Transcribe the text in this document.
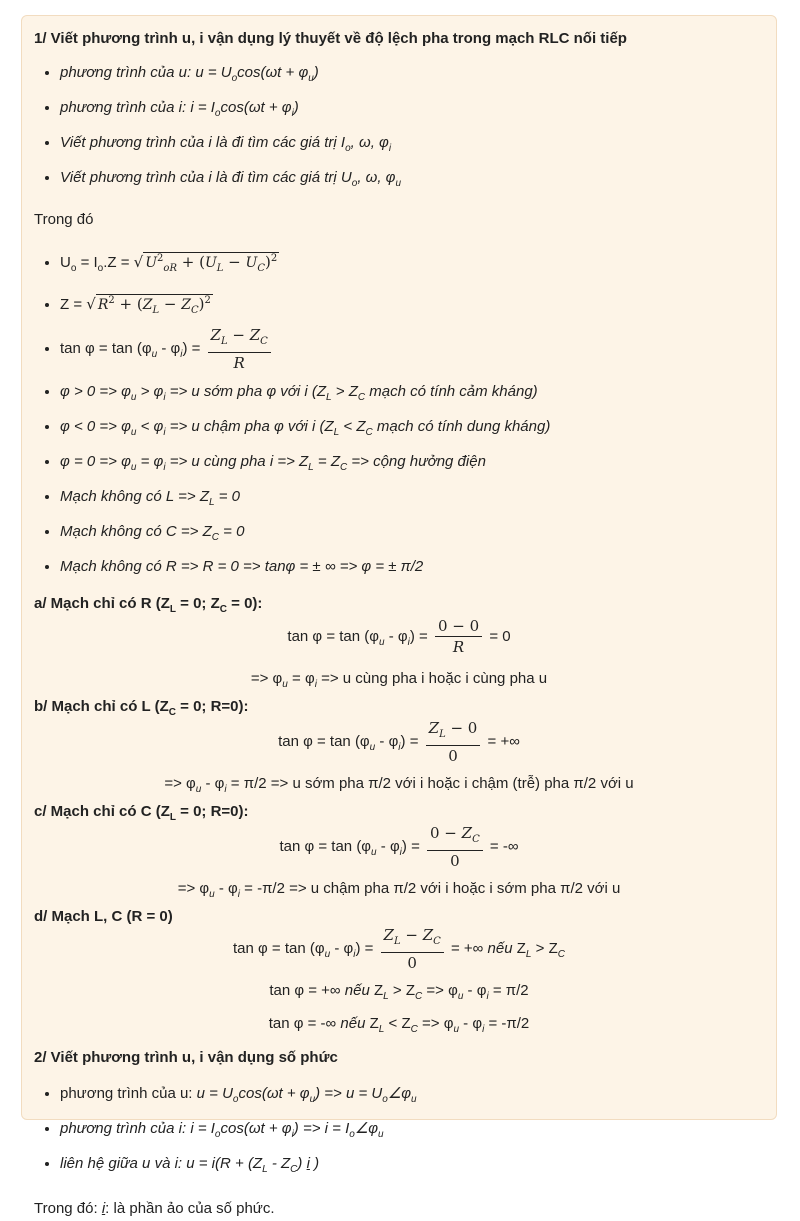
1/ Viết phương trình u, i vận dụng lý thuyết về độ lệch pha trong mạch RLC nối tiếp

• phương trình của u: $u = U_o\cos(\omega t + \varphi_u)$
• phương trình của i: $i = I_o\cos(\omega t + \varphi_i)$
• Viết phương trình của i là đi tìm các giá trị $I_o$, ω, $\varphi_i$
• Viết phương trình của i là đi tìm các giá trị $U_o$, ω, $\varphi_u$

Trong đó

• $U_o = I_o.Z$ = √ $U^2_{oR} + (U_L - U_C)^2$
• Z = √ $R^2 + (Z_L - Z_C)^2$
• $\tan \varphi = \tan (\varphi_u - \varphi_i) = \frac{Z_L - Z_C}{R}$
• $\varphi > 0 => \varphi_u > \varphi_i => u$ sớm pha φ với i ($Z_L > Z_C$ mạch có tính cảm kháng)
• $\varphi < 0 => \varphi_u < \varphi_i => u$ chậm pha φ với i ($Z_L < Z_C$ mạch có tính dung kháng)
• $\varphi = 0 => \varphi_u = \varphi_i => u$ cùng pha $i => Z_L = Z_C$ => cộng hưởng điện
• Mạch không có $L => Z_L = 0$
• Mạch không có $C => Z_C = 0$
• Mạch không có R => R = 0 => tanφ = ± ∞ => φ = ± π/2

a/ Mạch chỉ có R ($Z_L = 0$; $Z_C = 0$):

$\tan \varphi = \tan (\varphi_u - \varphi_i) = \frac{0 - 0}{R} = 0$
=> $\varphi_u = \varphi_i => u$ cùng pha i hoặc i cùng pha u

b/ Mạch chỉ có L ($Z_C = 0$; R=0):

$\tan \varphi = \tan (\varphi_u - \varphi_i) = \frac{Z_L - 0}{0}$ = +∞
=> $\varphi_u - \varphi_i = \pi/2 => u$ sớm pha π/2 với i hoặc i chậm (trễ) pha π/2 với u

c/ Mạch chỉ có C ($Z_L = 0$; R=0):

$\tan \varphi = \tan (\varphi_u - \varphi_i) = \frac{0 - Z_C}{0}$ = -∞
=> $\varphi_u - \varphi_i = -\pi/2 => u$ chậm pha π/2 với i hoặc i sớm pha π/2 với u

d/ Mạch L, C (R = 0)

$\tan \varphi = \tan (\varphi_u - \varphi_i) = \frac{Z_L - Z_C}{0}$ = +∞ nếu $Z_L > Z_C$
tan φ = +∞ nếu $Z_L > Z_C => \varphi_u - \varphi_i = \pi/2$
tan φ = -∞ nếu $Z_L < Z_C => \varphi_u - \varphi_i = -\pi/2$

2/ Viết phương trình u, i vận dụng số phức

• phương trình của u: $u = U_o\cos(\omega t + \varphi_u) => u$ = $U_o\angle\varphi_u$
• phương trình của i: $i = I_o\cos(\omega t + \varphi_i) => i$ = $I_o\angle\varphi_u$
• liên hệ giữa u và i: $u = i(R + (Z_L - Z_C)$ i )

Trong đó: i: là phần ảo của số phức.
